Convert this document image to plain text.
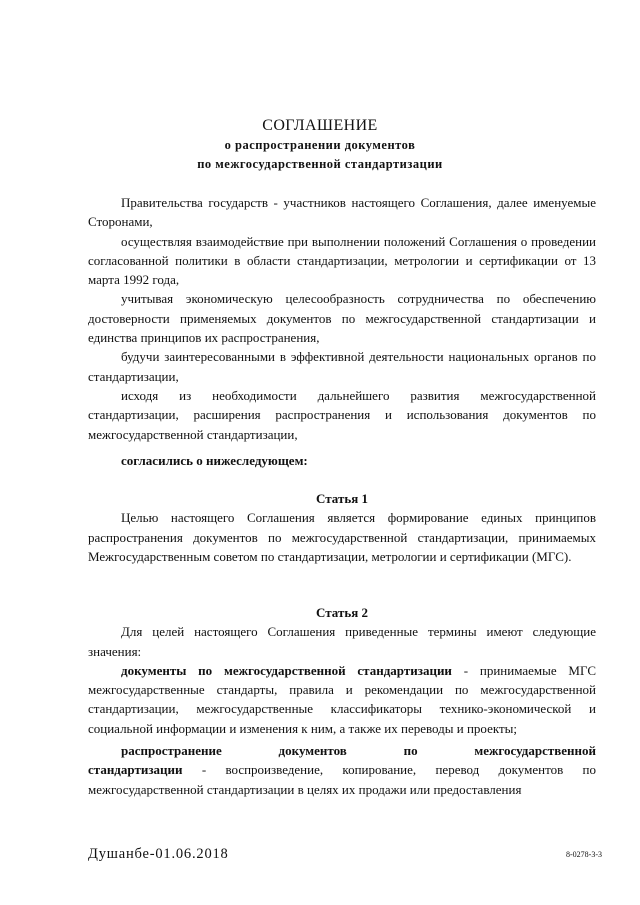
СОГЛАШЕНИЕ
о распространении документов
по межгосударственной стандартизации

Правительства государств - участников настоящего Соглашения, далее именуемые Сторонами,

осуществляя взаимодействие при выполнении положений Соглашения о проведении согласованной политики в области стандартизации, метрологии и сертификации от 13 марта 1992 года,

учитывая экономическую целесообразность сотрудничества по обеспечению достоверности применяемых документов по межгосударственной стандартизации и единства принципов их распространения,

будучи заинтересованными в эффективной деятельности национальных органов по стандартизации,

исходя из необходимости дальнейшего развития межгосударственной стандартизации, расширения распространения и использования документов по межгосударственной стандартизации,

согласились о нижеследующем:

Статья 1

Целью настоящего Соглашения является формирование единых принципов распространения документов по межгосударственной стандартизации, принимаемых Межгосударственным советом по стандартизации, метрологии и сертификации (МГС).

Статья 2

Для целей настоящего Соглашения приведенные термины имеют следующие значения:

документы по межгосударственной стандартизации - принимаемые МГС межгосударственные стандарты, правила и рекомендации по межгосударственной стандартизации, межгосударственные классификаторы технико-экономической и социальной информации и изменения к ним, а также их переводы и проекты;

распространение документов по межгосударственной

стандартизации - воспроизведение, копирование, перевод документов по межгосударственной стандартизации в целях их продажи или предоставления

Душанбе-01.06.2018	8-0278-3-3
